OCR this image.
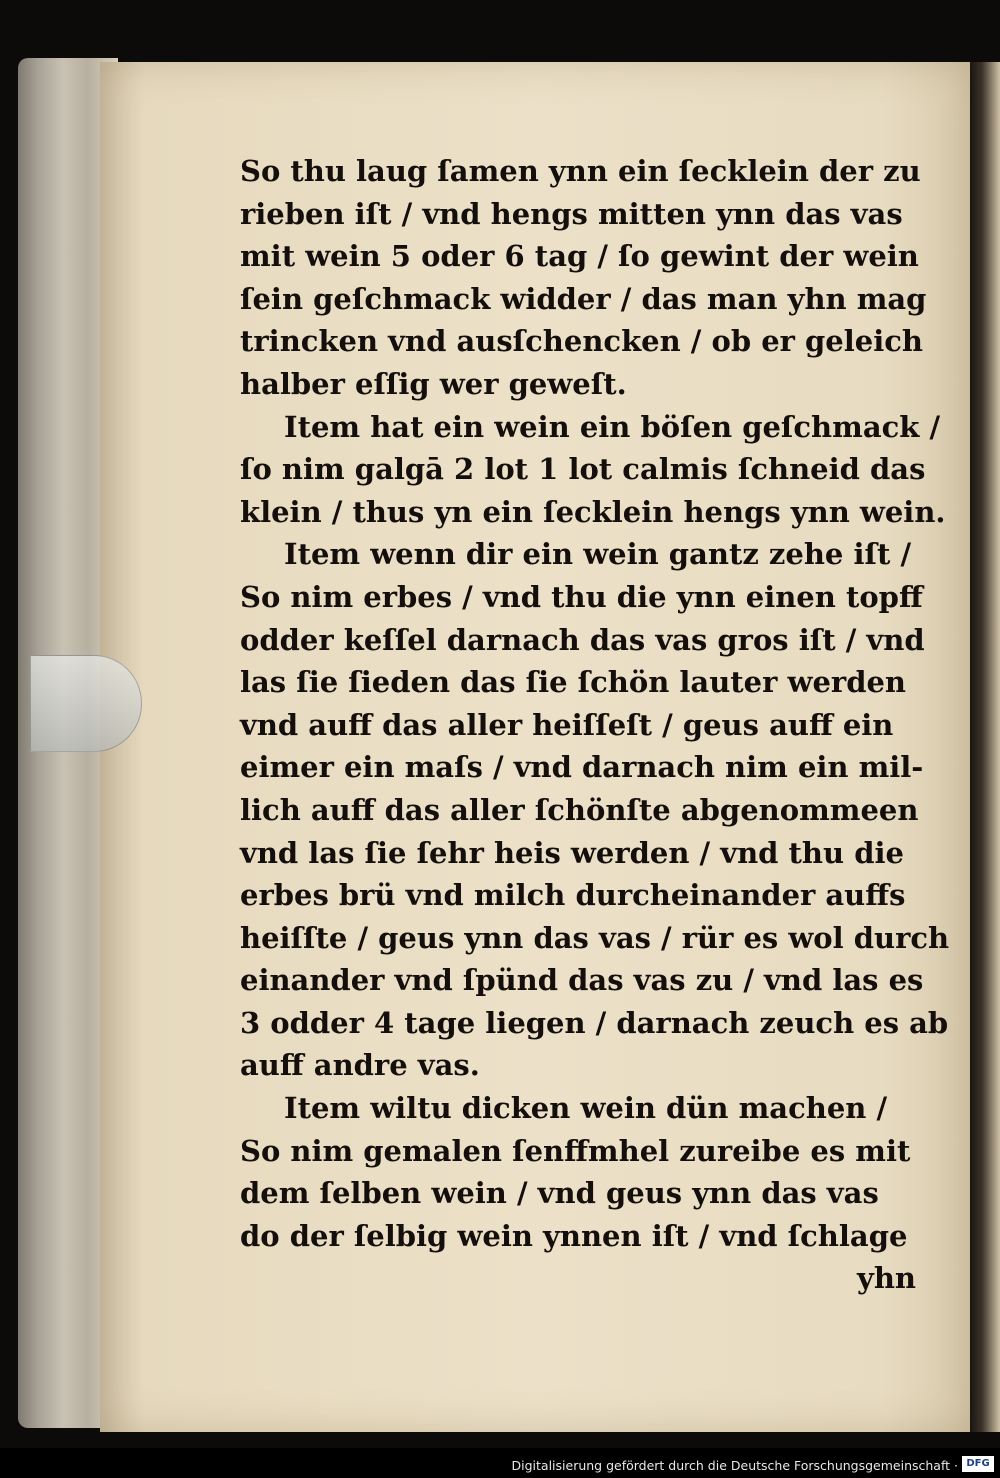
So thu laug ſamen ynn ein ſecklein der zu
rieben iſt / vnd hengs mitten ynn das vas
mit wein 5 oder 6 tag / ſo gewint der wein
ſein geſchmack widder / das man yhn mag
trincken vnd ausſchencken / ob er geleich
halber eſſig wer geweſt.
Item hat ein wein ein böſen geſchmack /
ſo nim galgā 2 lot 1 lot calmis ſchneid das
klein / thus yn ein ſecklein hengs ynn wein.
Item wenn dir ein wein gantz zehe iſt /
So nim erbes / vnd thu die ynn einen topff
odder keſſel darnach das vas gros iſt / vnd
las ſie ſieden das ſie ſchön lauter werden
vnd auff das aller heiſſeſt / geus auff ein
eimer ein maſs / vnd darnach nim ein mil-
lich auff das aller ſchönſte abgenommeen
vnd las ſie ſehr heis werden / vnd thu die
erbes brü vnd milch durcheinander auffs
heiſſte / geus ynn das vas / rür es wol durch
einander vnd ſpünd das vas zu / vnd las es
3 odder 4 tage liegen / darnach zeuch es ab
auff andre vas.
Item wiltu dicken wein dün machen /
So nim gemalen ſenffmhel zureibe es mit
dem ſelben wein / vnd geus ynn das vas
do der ſelbig wein ynnen iſt / vnd ſchlage
yhn
Digitalisierung gefördert durch die Deutsche Forschungsgemeinschaft · DFG
